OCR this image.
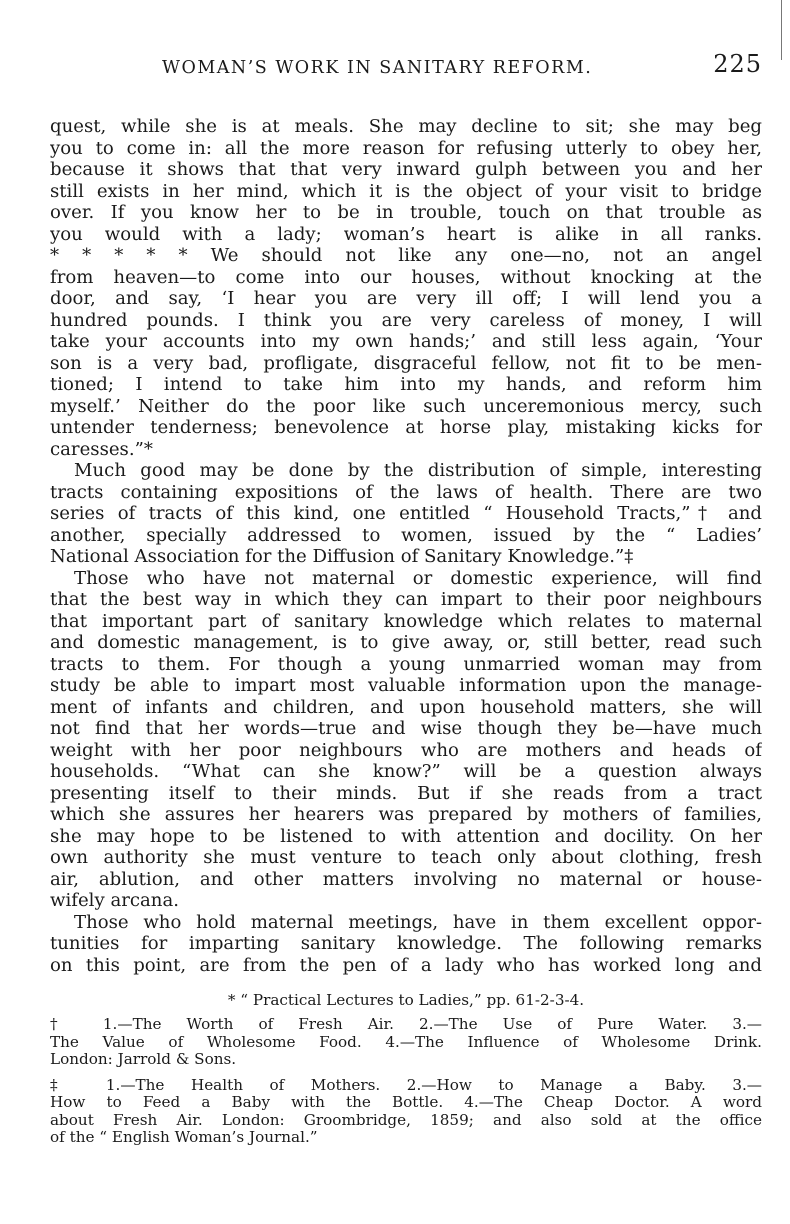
WOMAN’S WORK IN SANITARY REFORM.	225
quest, while she is at meals. She may decline to sit; she may beg
you to come in: all the more reason for refusing utterly to obey her,
because it shows that that very inward gulph between you and her
still exists in her mind, which it is the object of your visit to bridge
over. If you know her to be in trouble, touch on that trouble as
you would with a lady; woman’s heart is alike in all ranks.
* * * * * We should not like any one—no, not an angel
from heaven—to come into our houses, without knocking at the
door, and say, ‘I hear you are very ill off; I will lend you a
hundred pounds. I think you are very careless of money, I will
take your accounts into my own hands;’ and still less again, ‘Your
son is a very bad, profligate, disgraceful fellow, not fit to be men-
tioned; I intend to take him into my hands, and reform him
myself.’ Neither do the poor like such unceremonious mercy, such
untender tenderness; benevolence at horse play, mistaking kicks for
caresses.”*
Much good may be done by the distribution of simple, interesting
tracts containing expositions of the laws of health. There are two
series of tracts of this kind, one entitled “ Household Tracts,”† and
another, specially addressed to women, issued by the “ Ladies’
National Association for the Diffusion of Sanitary Knowledge.”‡
Those who have not maternal or domestic experience, will find
that the best way in which they can impart to their poor neighbours
that important part of sanitary knowledge which relates to maternal
and domestic management, is to give away, or, still better, read such
tracts to them. For though a young unmarried woman may from
study be able to impart most valuable information upon the manage-
ment of infants and children, and upon household matters, she will
not find that her words—true and wise though they be—have much
weight with her poor neighbours who are mothers and heads of
households. “What can she know?” will be a question always
presenting itself to their minds. But if she reads from a tract
which she assures her hearers was prepared by mothers of families,
she may hope to be listened to with attention and docility. On her
own authority she must venture to teach only about clothing, fresh
air, ablution, and other matters involving no maternal or house-
wifely arcana.
Those who hold maternal meetings, have in them excellent oppor-
tunities for imparting sanitary knowledge. The following remarks
on this point, are from the pen of a lady who has worked long and
* “ Practical Lectures to Ladies,” pp. 61-2-3-4.
† 1.—The Worth of Fresh Air. 2.—The Use of Pure Water. 3.—
The Value of Wholesome Food. 4.—The Influence of Wholesome Drink.
London: Jarrold & Sons.
‡ 1.—The Health of Mothers. 2.—How to Manage a Baby. 3.—
How to Feed a Baby with the Bottle. 4.—The Cheap Doctor. A word
about Fresh Air. London: Groombridge, 1859; and also sold at the office
of the “ English Woman’s Journal.”
